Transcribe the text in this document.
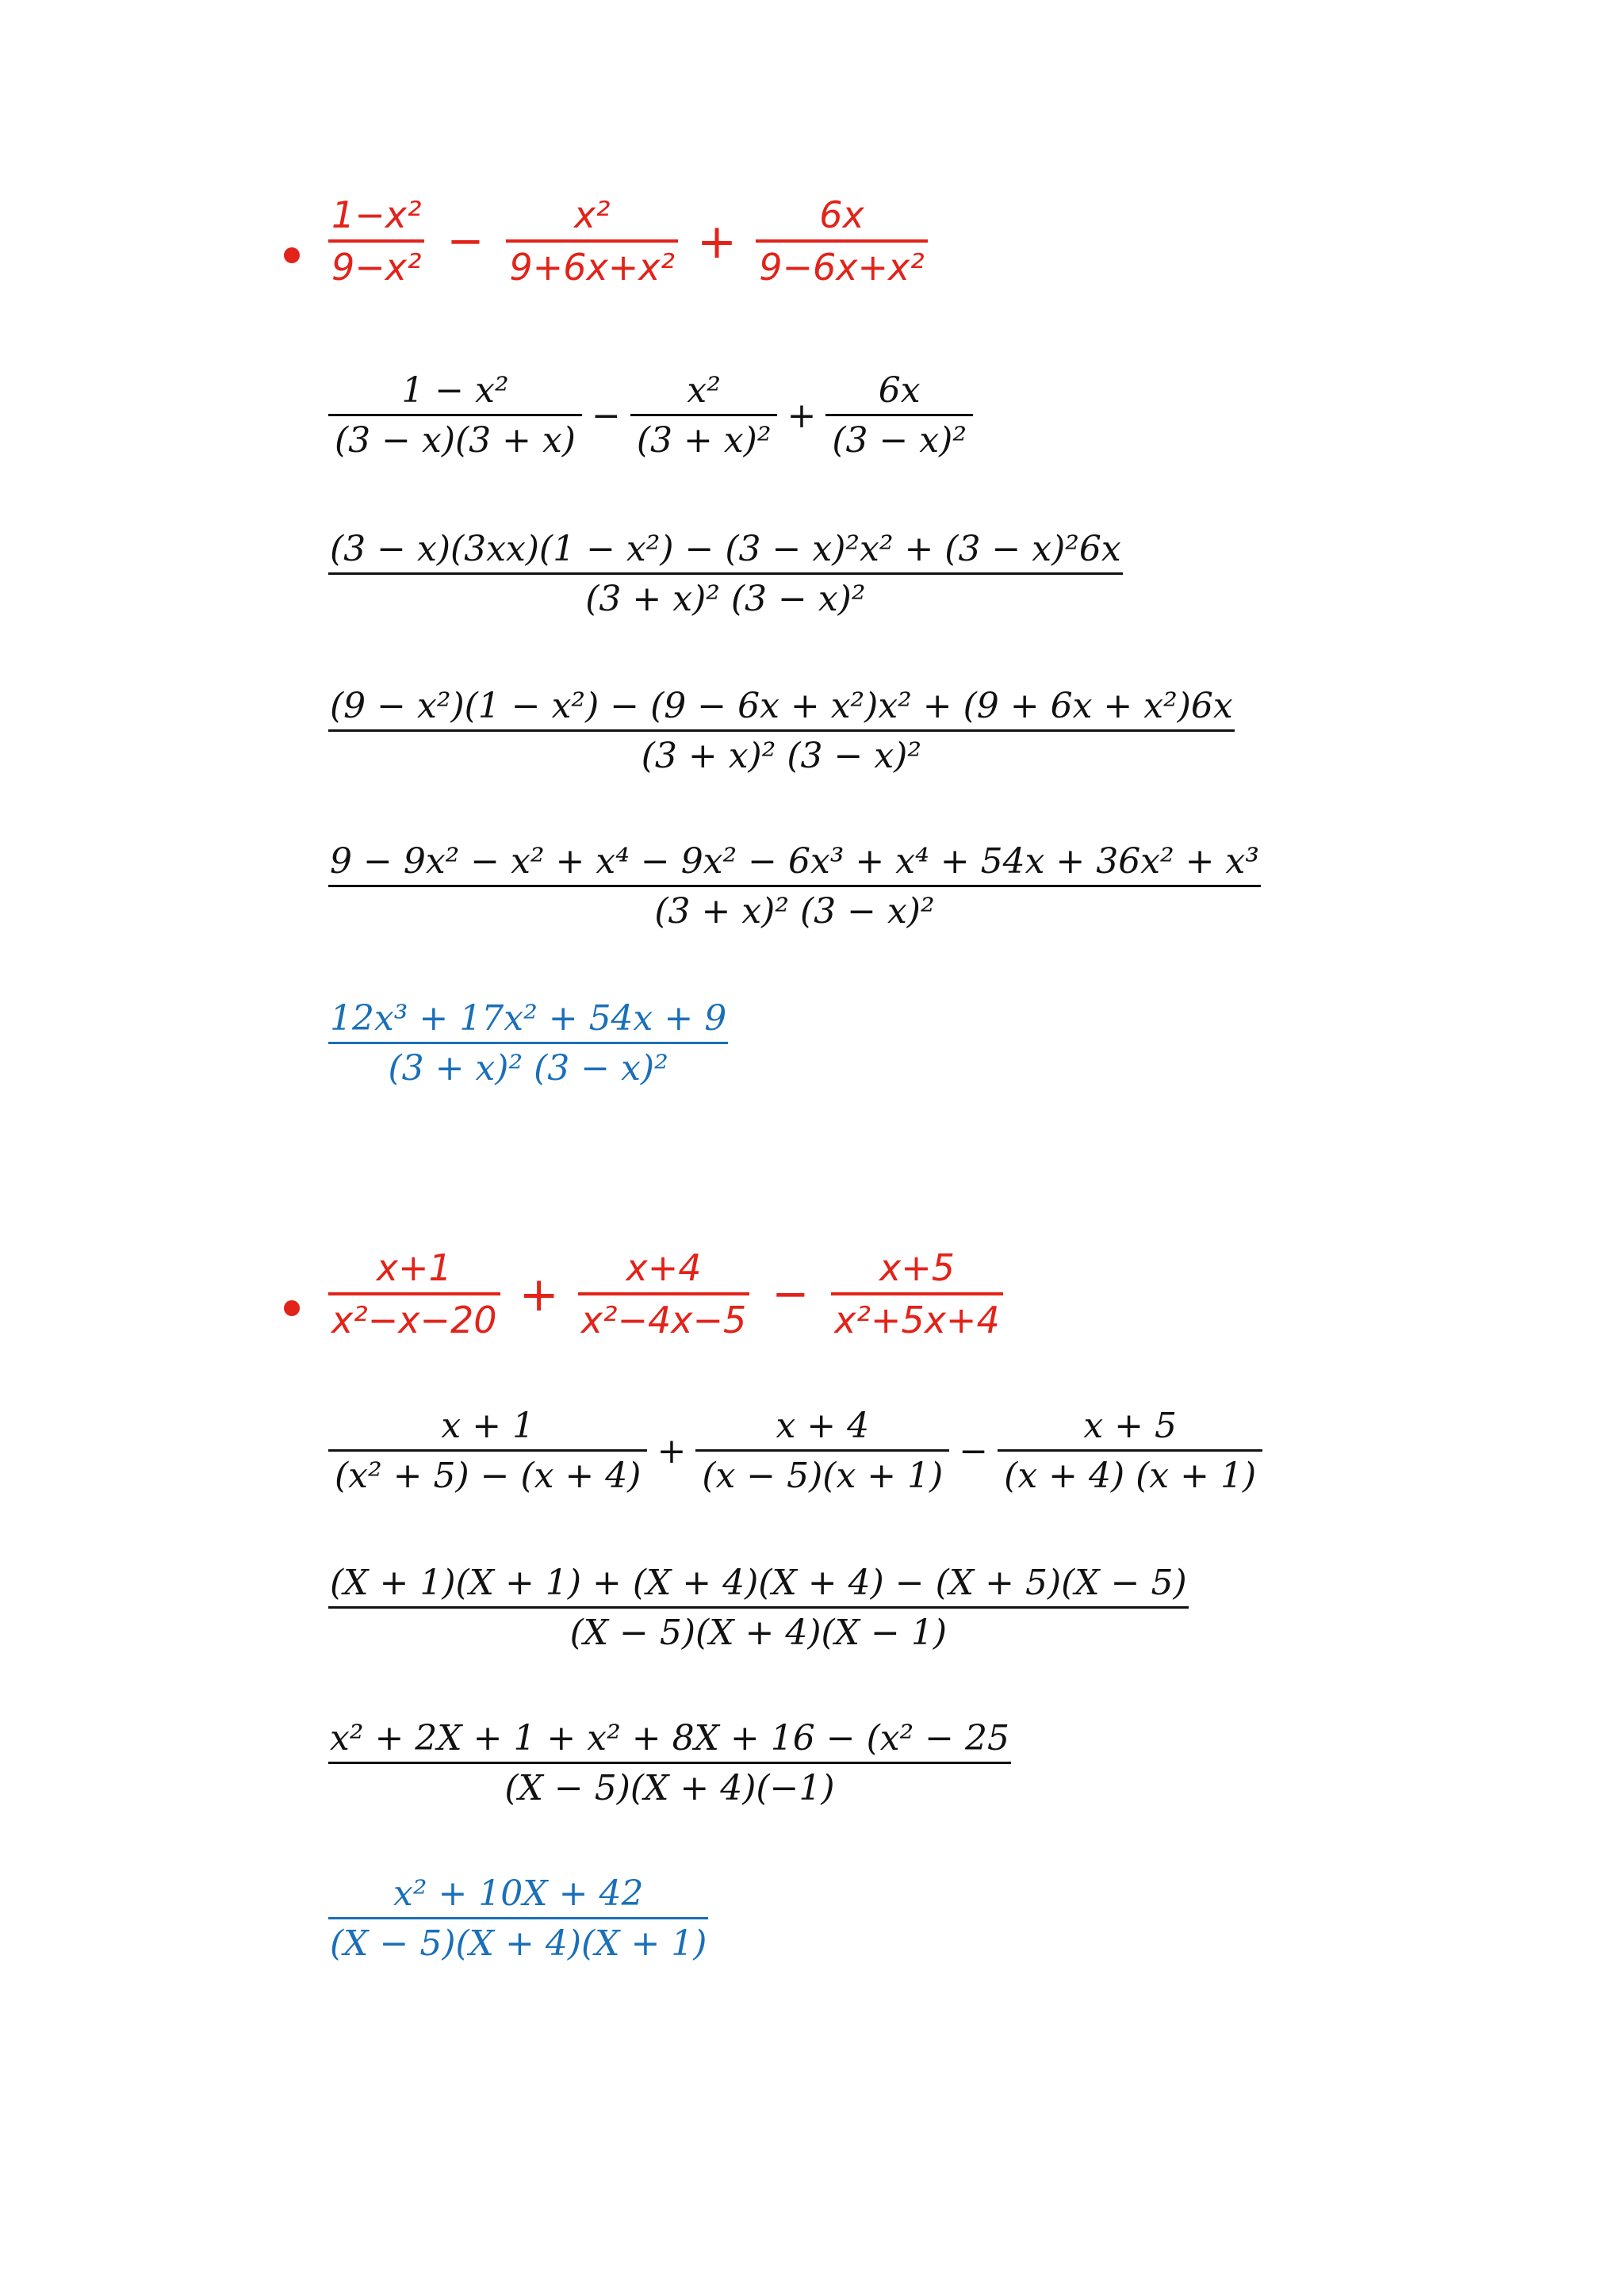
$\frac{\text{1−x²}}{\text{9−x²}} - \frac{\text{x²}}{\text{9+6x+x²}} + \frac{6x}{\text{9−6x+x²}}$
$\frac{\text{1 − x²}}{(3 - x)(3 + x)} - \frac{\text{x²}}{\text{(3 + x)²}} + \frac{6x}{\text{(3 − x)²}}$
$\frac{\text{(3 − x)(3xx)(1 − x²) − (3 − x)²x² + (3 − x)²6x}}{\text{(3 + x)² (3 − x)²}}$
$\frac{\text{(9 − x²)(1 − x²) − (9 − 6x + x²)x² + (9 + 6x + x²)6x}}{\text{(3 + x)² (3 − x)²}}$
$\frac{\text{9 − 9x² − x² + x⁴ − 9x² − 6x³ + x⁴ + 54x + 36x² + x³}}{\text{(3 + x)² (3 − x)²}}$
$\frac{\text{12x³ + 17x² + 54x + 9}}{\text{(3 + x)² (3 − x)²}}$
$\frac{x+1}{\text{x²−x−20}} + \frac{x+4}{\text{x²−4x−5}} - \frac{x+5}{\text{x²+5x+4}}$
$\frac{x + 1}{\text{(x² + 5) − (x + 4)}} + \frac{x + 4}{(x - 5)(x + 1)} - \frac{x + 5}{(x + 4) (x + 1)}$
$\frac{(X + 1)(X + 1) + (X + 4)(X + 4) - (X + 5)(X - 5)}{(X - 5)(X + 4)(X - 1)}$
$\frac{\text{x² + 2X + 1 + x² + 8X + 16 − (x² − 25}}{(X - 5)(X + 4)(-1)}$
$\frac{\text{x² + 10X + 42}}{(X - 5)(X + 4)(X + 1)}$
